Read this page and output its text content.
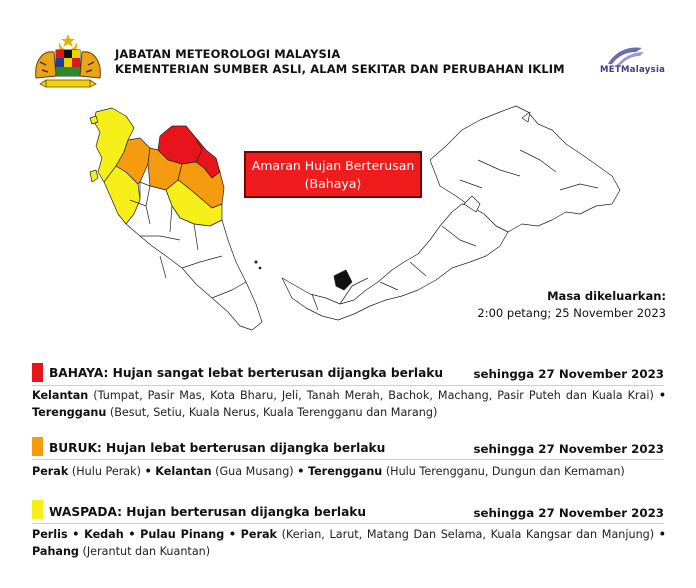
JABATAN METEOROLOGI MALAYSIA
KEMENTERIAN SUMBER ASLI, ALAM SEKITAR DAN PERUBAHAN IKLIM	METMalaysia
Amaran Hujan Berterusan
(Bahaya)
Masa dikeluarkan:
2:00 petang; 25 November 2023
BAHAYA: Hujan sangat lebat berterusan dijangka berlaku	sehingga 27 November 2023
Kelantan (Tumpat, Pasir Mas, Kota Bharu, Jeli, Tanah Merah, Bachok, Machang, Pasir Puteh dan Kuala Krai) • Terengganu (Besut, Setiu, Kuala Nerus, Kuala Terengganu dan Marang)
BURUK: Hujan lebat berterusan dijangka berlaku	sehingga 27 November 2023
Perak (Hulu Perak) • Kelantan (Gua Musang) • Terengganu (Hulu Terengganu, Dungun dan Kemaman)
WASPADA: Hujan berterusan dijangka berlaku	sehingga 27 November 2023
Perlis • Kedah • Pulau Pinang • Perak (Kerian, Larut, Matang Dan Selama, Kuala Kangsar dan Manjung) • Pahang (Jerantut dan Kuantan)
